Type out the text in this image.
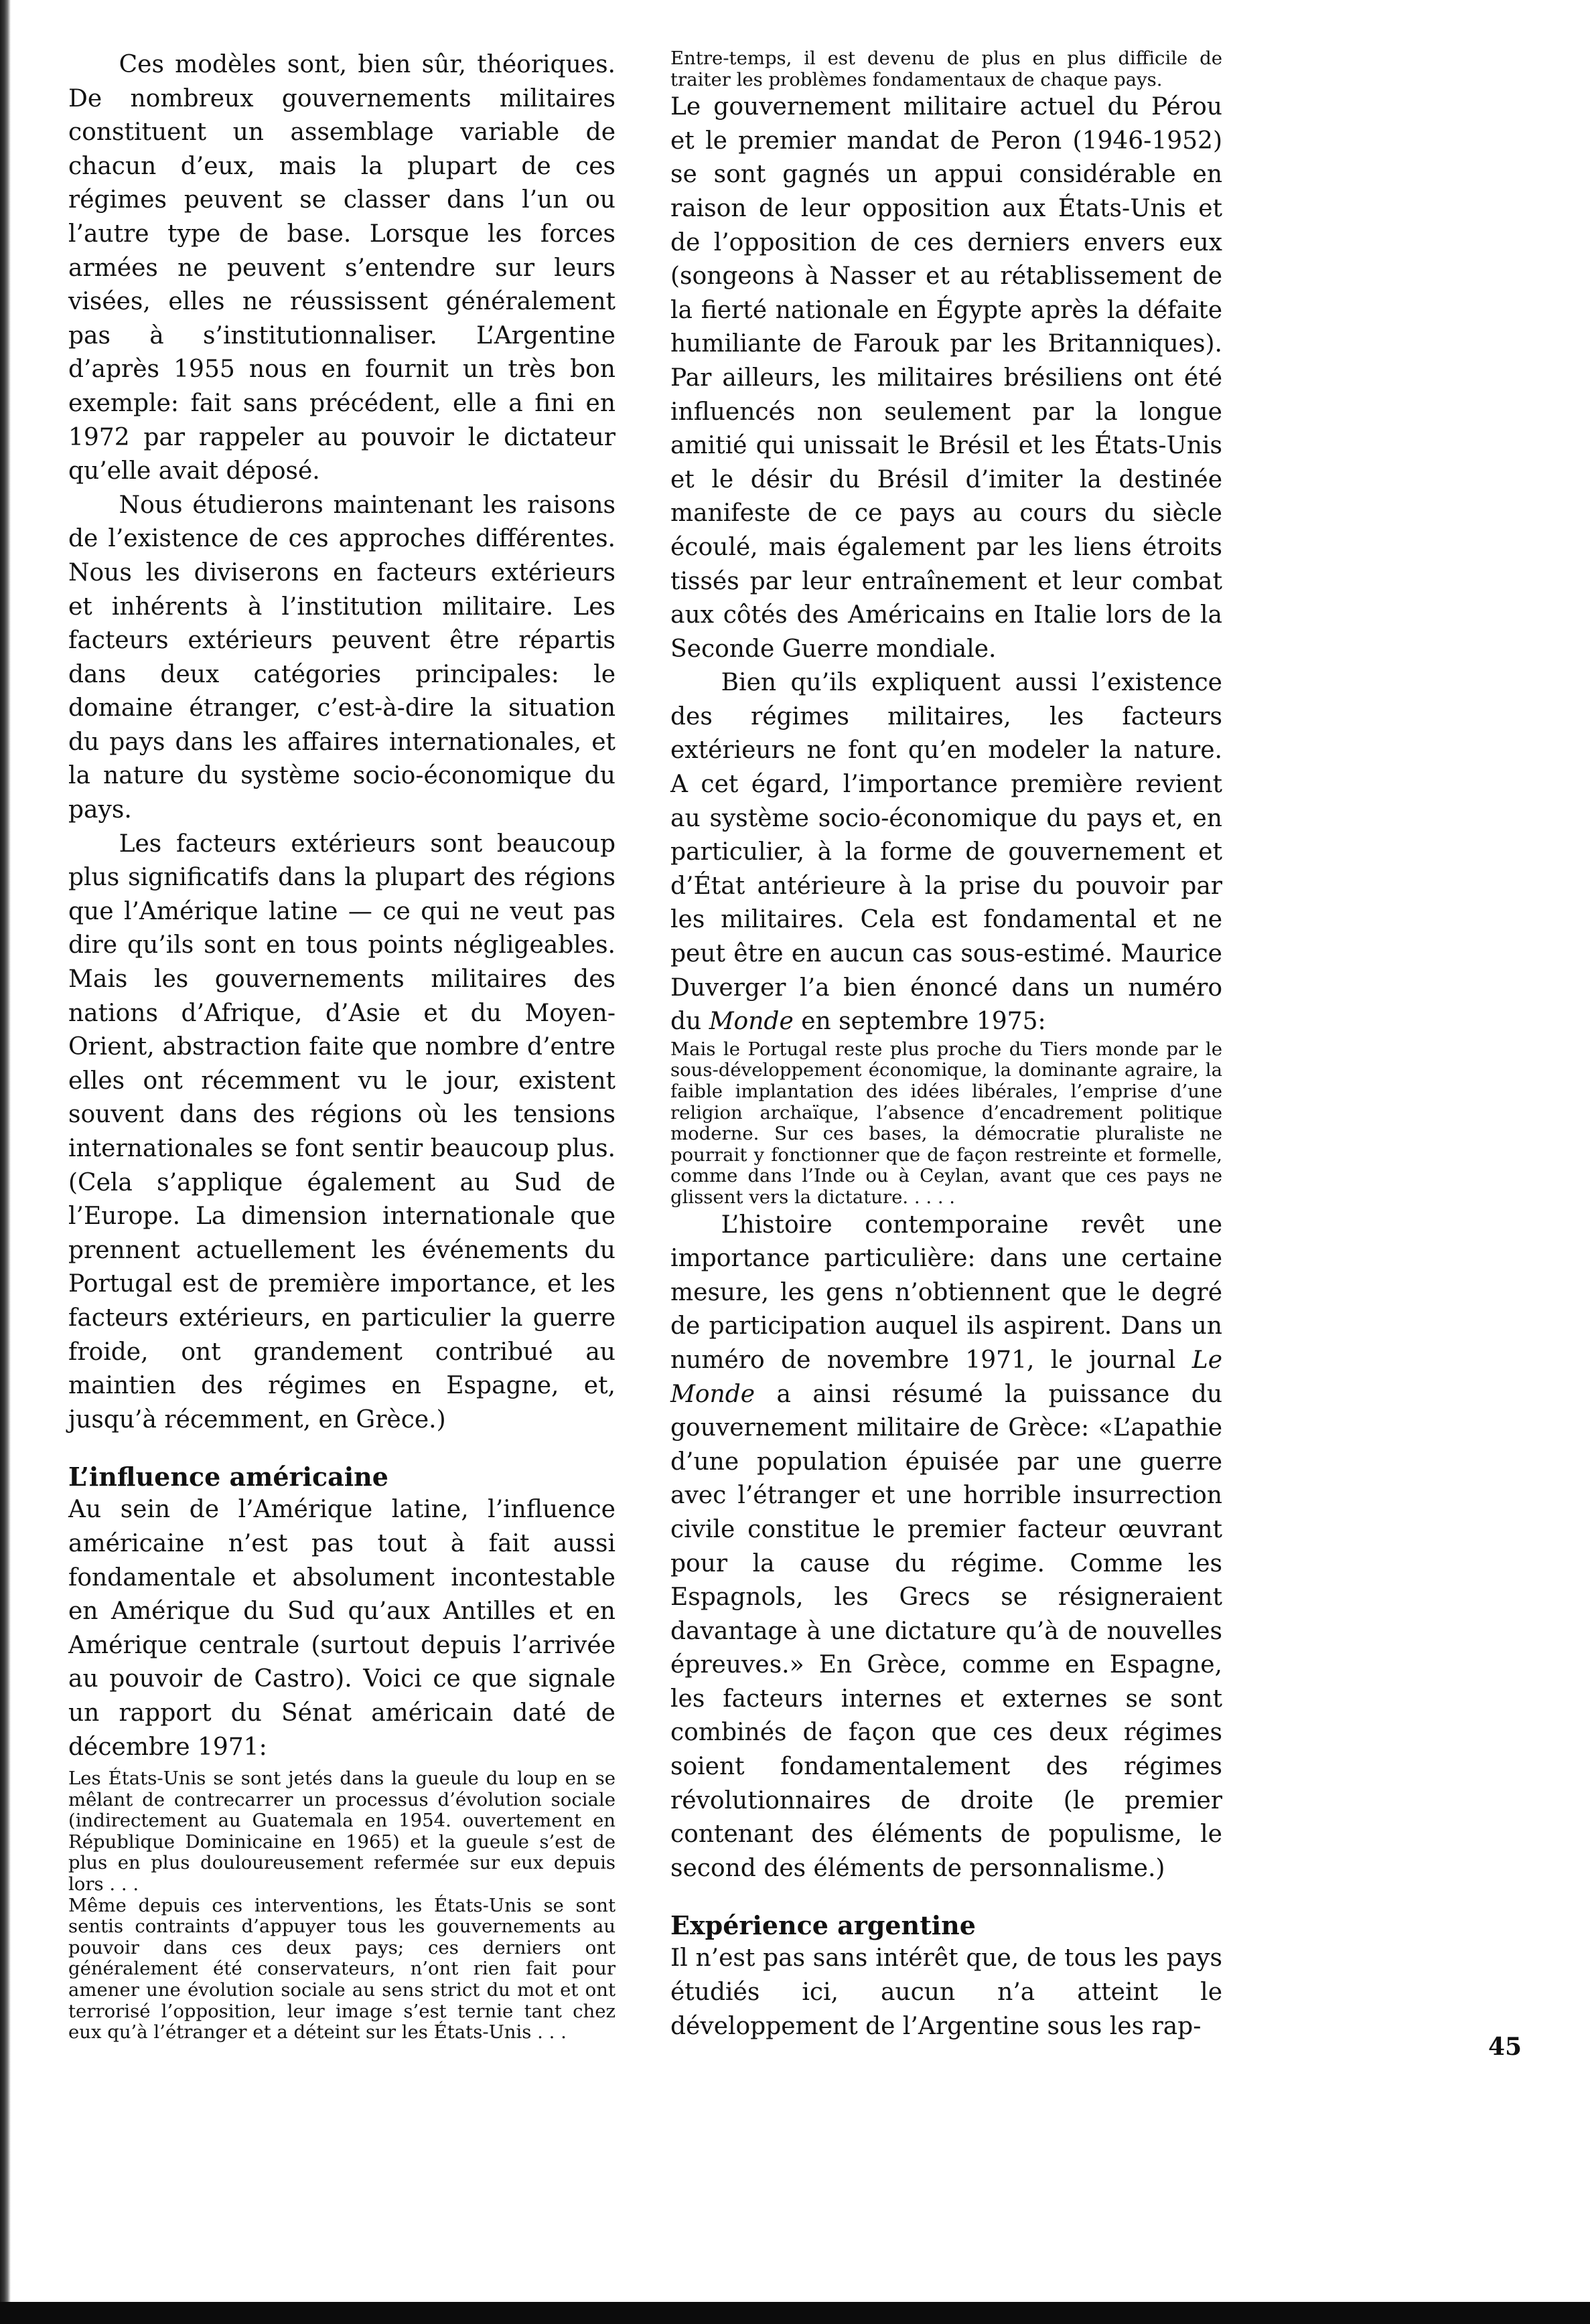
Ces modèles sont, bien sûr, théoriques. De nombreux gouvernements militaires constituent un assemblage variable de chacun d’eux, mais la plupart de ces régimes peuvent se classer dans l’un ou l’autre type de base. Lorsque les forces armées ne peuvent s’entendre sur leurs visées, elles ne réussissent généralement pas à s’institutionnaliser. L’Argentine d’après 1955 nous en fournit un très bon exemple: fait sans précédent, elle a fini en 1972 par rappeler au pouvoir le dictateur qu’elle avait déposé.

Nous étudierons maintenant les raisons de l’existence de ces approches différentes. Nous les diviserons en facteurs extérieurs et inhérents à l’institution militaire. Les facteurs extérieurs peuvent être répartis dans deux catégories principales: le domaine étranger, c’est-à-dire la situation du pays dans les affaires internationales, et la nature du système socio-économique du pays.

Les facteurs extérieurs sont beaucoup plus significatifs dans la plupart des régions que l’Amérique latine — ce qui ne veut pas dire qu’ils sont en tous points négligeables. Mais les gouvernements militaires des nations d’Afrique, d’Asie et du Moyen-Orient, abstraction faite que nombre d’entre elles ont récemment vu le jour, existent souvent dans des régions où les tensions internationales se font sentir beaucoup plus. (Cela s’applique également au Sud de l’Europe. La dimension internationale que prennent actuellement les événements du Portugal est de première importance, et les facteurs extérieurs, en particulier la guerre froide, ont grandement contribué au maintien des régimes en Espagne, et, jusqu’à récemment, en Grèce.)

L’influence américaine

Au sein de l’Amérique latine, l’influence américaine n’est pas tout à fait aussi fondamentale et absolument incontestable en Amérique du Sud qu’aux Antilles et en Amérique centrale (surtout depuis l’arrivée au pouvoir de Castro). Voici ce que signale un rapport du Sénat américain daté de décembre 1971:

Les États-Unis se sont jetés dans la gueule du loup en se mêlant de contrecarrer un processus d’évolution sociale (indirectement au Guatemala en 1954. ouvertement en République Dominicaine en 1965) et la gueule s’est de plus en plus douloureusement refermée sur eux depuis lors . . .

Même depuis ces interventions, les États-Unis se sont sentis contraints d’appuyer tous les gouvernements au pouvoir dans ces deux pays; ces derniers ont généralement été conservateurs, n’ont rien fait pour amener une évolution sociale au sens strict du mot et ont terrorisé l’opposition, leur image s’est ternie tant chez eux qu’à l’étranger et a déteint sur les États-Unis . . .

Entre-temps, il est devenu de plus en plus difficile de traiter les problèmes fondamentaux de chaque pays.

Le gouvernement militaire actuel du Pérou et le premier mandat de Peron (1946-1952) se sont gagnés un appui considérable en raison de leur opposition aux États-Unis et de l’opposition de ces derniers envers eux (songeons à Nasser et au rétablissement de la fierté nationale en Égypte après la défaite humiliante de Farouk par les Britanniques). Par ailleurs, les militaires brésiliens ont été influencés non seulement par la longue amitié qui unissait le Brésil et les États-Unis et le désir du Brésil d’imiter la destinée manifeste de ce pays au cours du siècle écoulé, mais également par les liens étroits tissés par leur entraînement et leur combat aux côtés des Américains en Italie lors de la Seconde Guerre mondiale.

Bien qu’ils expliquent aussi l’existence des régimes militaires, les facteurs extérieurs ne font qu’en modeler la nature. A cet égard, l’importance première revient au système socio-économique du pays et, en particulier, à la forme de gouvernement et d’État antérieure à la prise du pouvoir par les militaires. Cela est fondamental et ne peut être en aucun cas sous-estimé. Maurice Duverger l’a bien énoncé dans un numéro du Monde en septembre 1975:

Mais le Portugal reste plus proche du Tiers monde par le sous-développement économique, la dominante agraire, la faible implantation des idées libérales, l’emprise d’une religion archaïque, l’absence d’encadrement politique moderne. Sur ces bases, la démocratie pluraliste ne pourrait y fonctionner que de façon restreinte et formelle, comme dans l’Inde ou à Ceylan, avant que ces pays ne glissent vers la dictature. . . . .

L’histoire contemporaine revêt une importance particulière: dans une certaine mesure, les gens n’obtiennent que le degré de participation auquel ils aspirent. Dans un numéro de novembre 1971, le journal Le Monde a ainsi résumé la puissance du gouvernement militaire de Grèce: «L’apathie d’une population épuisée par une guerre avec l’étranger et une horrible insurrection civile constitue le premier facteur œuvrant pour la cause du régime. Comme les Espagnols, les Grecs se résigneraient davantage à une dictature qu’à de nouvelles épreuves.» En Grèce, comme en Espagne, les facteurs internes et externes se sont combinés de façon que ces deux régimes soient fondamentalement des régimes révolutionnaires de droite (le premier contenant des éléments de populisme, le second des éléments de personnalisme.)

Expérience argentine

Il n’est pas sans intérêt que, de tous les pays étudiés ici, aucun n’a atteint le développement de l’Argentine sous les rap-

45
